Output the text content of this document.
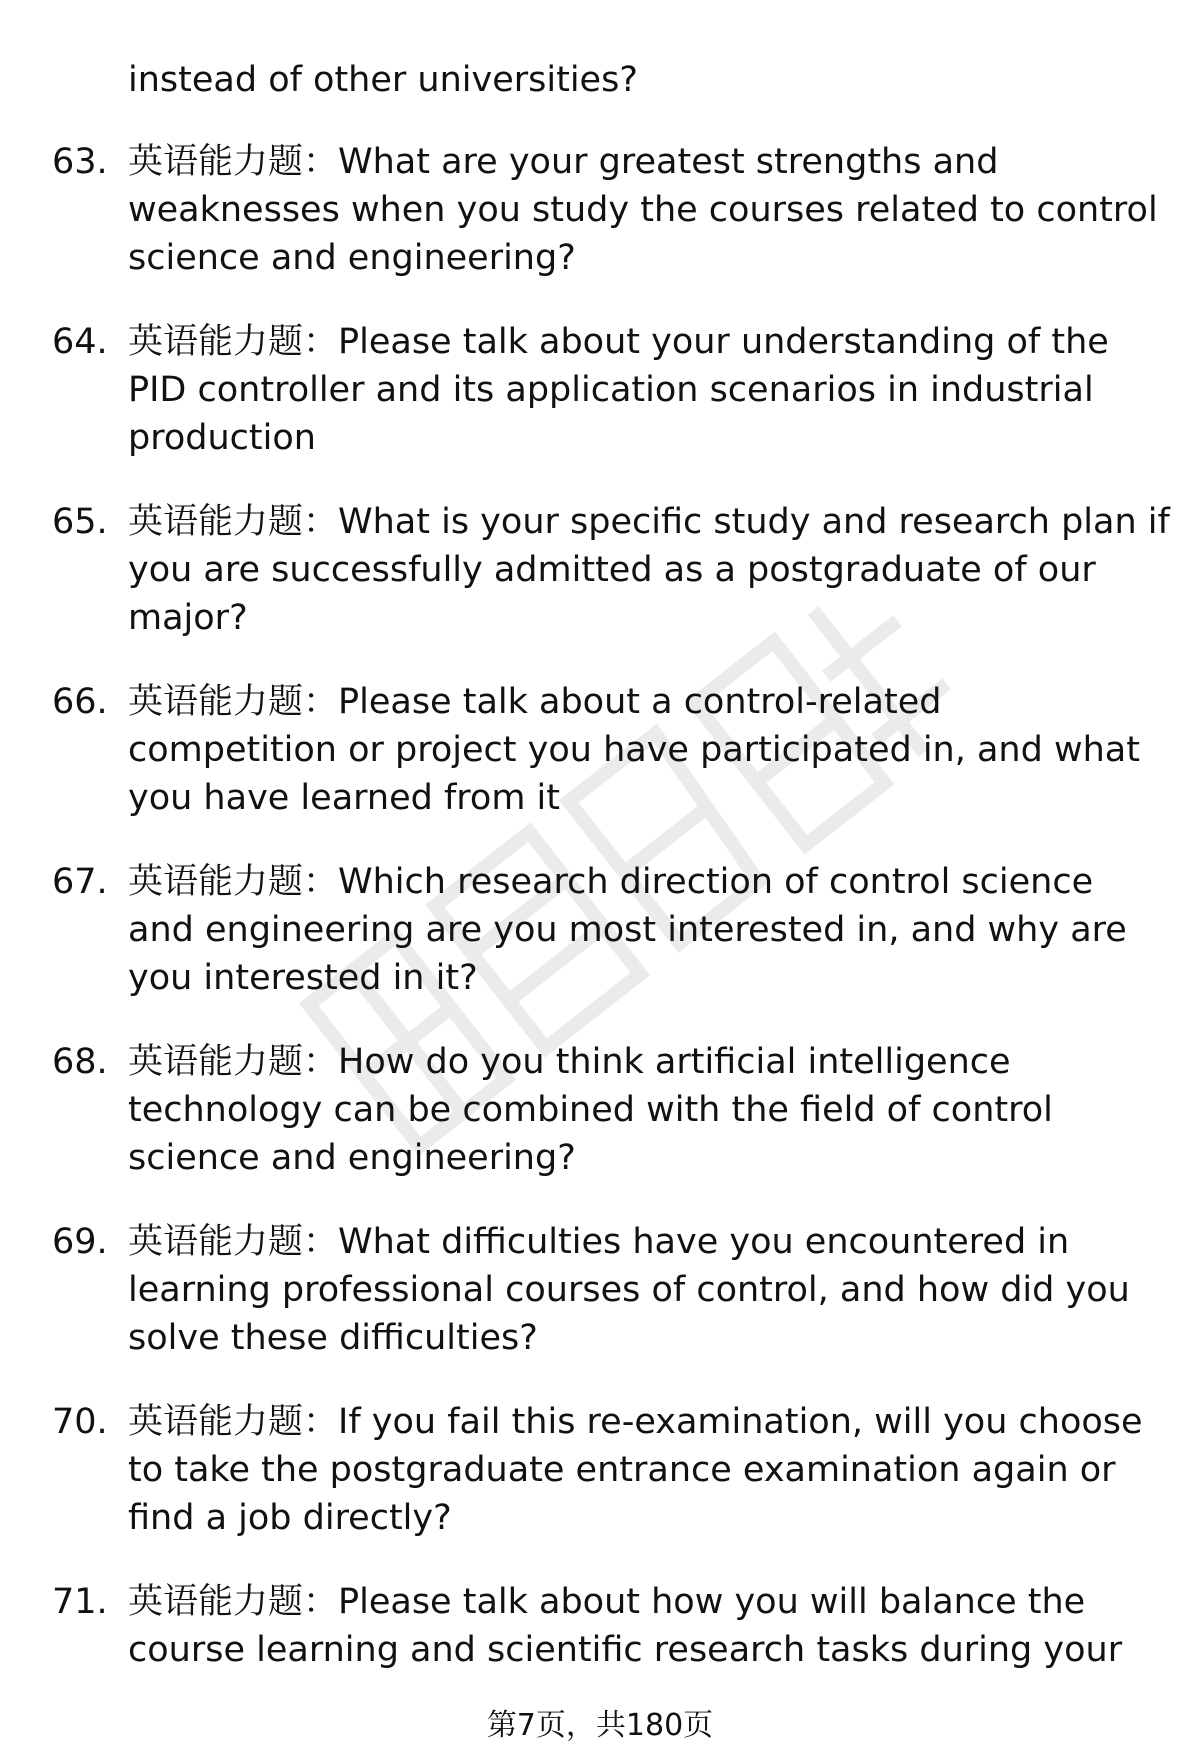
instead of other universities?
63. 英语能力题：What are your greatest strengths and
weaknesses when you study the courses related to control
science and engineering?
64. 英语能力题：Please talk about your understanding of the
PID controller and its application scenarios in industrial
production
65. 英语能力题：What is your specific study and research plan if
you are successfully admitted as a postgraduate of our
major?
66. 英语能力题：Please talk about a control-related
competition or project you have participated in, and what
you have learned from it
67. 英语能力题：Which research direction of control science
and engineering are you most interested in, and why are
you interested in it?
68. 英语能力题：How do you think artificial intelligence
technology can be combined with the field of control
science and engineering?
69. 英语能力题：What difficulties have you encountered in
learning professional courses of control, and how did you
solve these difficulties?
70. 英语能力题：If you fail this re-examination, will you choose
to take the postgraduate entrance examination again or
find a job directly?
71. 英语能力题：Please talk about how you will balance the
course learning and scientific research tasks during your
第7页，共180页
